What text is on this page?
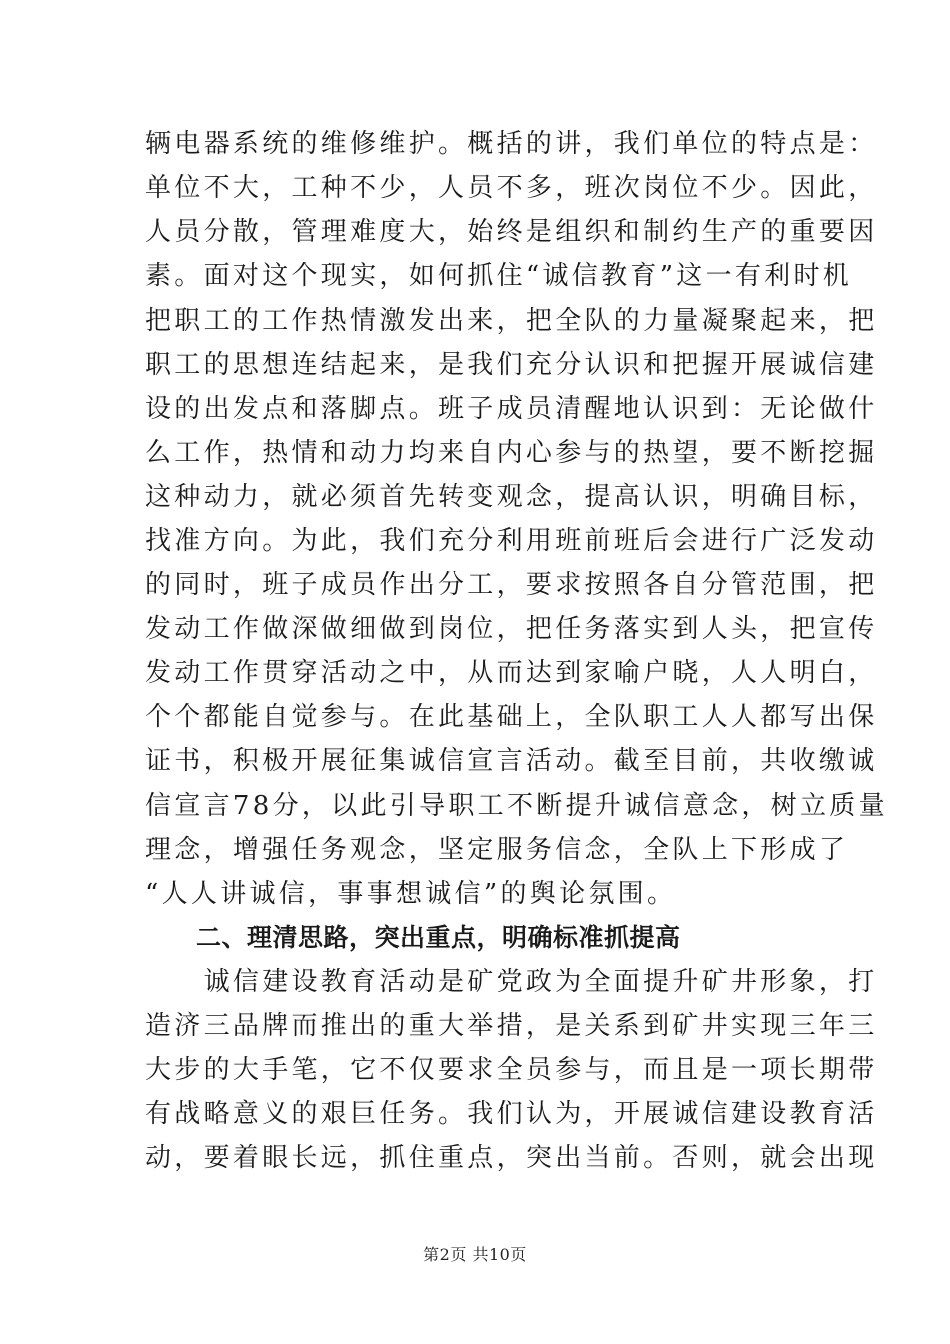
辆电器系统的维修维护。概括的讲，我们单位的特点是：
单位不大，工种不少，人员不多，班次岗位不少。因此，
人员分散，管理难度大，始终是组织和制约生产的重要因
素。面对这个现实，如何抓住“诚信教育”这一有利时机
把职工的工作热情激发出来，把全队的力量凝聚起来，把
职工的思想连结起来，是我们充分认识和把握开展诚信建
设的出发点和落脚点。班子成员清醒地认识到：无论做什
么工作，热情和动力均来自内心参与的热望，要不断挖掘
这种动力，就必须首先转变观念，提高认识，明确目标，
找准方向。为此，我们充分利用班前班后会进行广泛发动
的同时，班子成员作出分工，要求按照各自分管范围，把
发动工作做深做细做到岗位，把任务落实到人头，把宣传
发动工作贯穿活动之中，从而达到家喻户晓，人人明白，
个个都能自觉参与。在此基础上，全队职工人人都写出保
证书，积极开展征集诚信宣言活动。截至目前，共收缴诚
信宣言78分，以此引导职工不断提升诚信意念，树立质量
理念，增强任务观念，坚定服务信念，全队上下形成了
“人人讲诚信，事事想诚信”的舆论氛围。
二、理清思路，突出重点，明确标准抓提高
　　诚信建设教育活动是矿党政为全面提升矿井形象，打
造济三品牌而推出的重大举措，是关系到矿井实现三年三
大步的大手笔，它不仅要求全员参与，而且是一项长期带
有战略意义的艰巨任务。我们认为，开展诚信建设教育活
动，要着眼长远，抓住重点，突出当前。否则，就会出现
第2页 共10页
